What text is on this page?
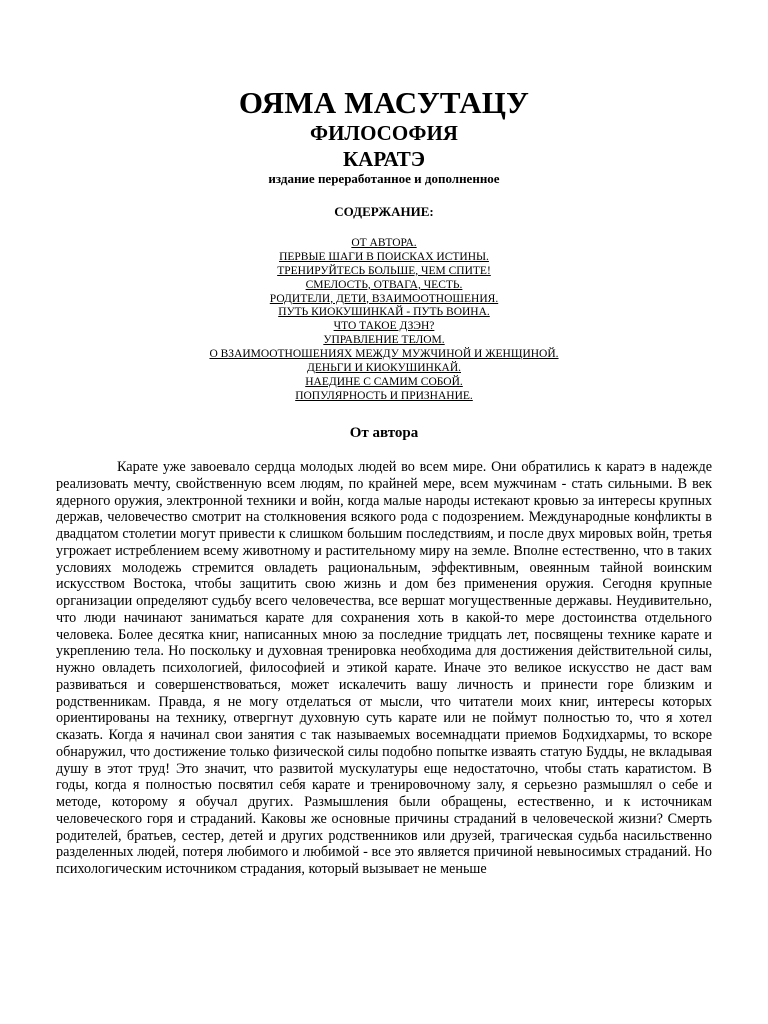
ОЯМА МАСУТАЦУ
ФИЛОСОФИЯ
КАРАТЭ
издание переработанное и дополненное
СОДЕРЖАНИЕ:
ОТ АВТОРА.
ПЕРВЫЕ ШАГИ В ПОИСКАХ ИСТИНЫ.
ТРЕНИРУЙТЕСЬ БОЛЬШЕ, ЧЕМ СПИТЕ!
СМЕЛОСТЬ, ОТВАГА, ЧЕСТЬ.
РОДИТЕЛИ, ДЕТИ, ВЗАИМООТНОШЕНИЯ.
ПУТЬ КИОКУШИНКАЙ - ПУТЬ ВОИНА.
ЧТО ТАКОЕ ДЗЭН?
УПРАВЛЕНИЕ ТЕЛОМ.
О ВЗАИМООТНОШЕНИЯХ МЕЖДУ МУЖЧИНОЙ И ЖЕНЩИНОЙ.
ДЕНЬГИ И КИОКУШИНКАЙ.
НАЕДИНЕ С САМИМ СОБОЙ.
ПОПУЛЯРНОСТЬ И ПРИЗНАНИЕ.
От автора

Карате уже завоевало сердца молодых людей во всем мире. Они обратились к каратэ в надежде реализовать мечту, свойственную всем людям, по крайней мере, всем мужчинам - стать сильными. В век ядерного оружия, электронной техники и войн, когда малые народы истекают кровью за интересы крупных держав, человечество смотрит на столкновения всякого рода с подозрением. Международные конфликты в двадцатом столетии могут привести к слишком большим последствиям, и после двух мировых войн, третья угрожает истреблением всему животному и растительному миру на земле. Вполне естественно, что в таких условиях молодежь стремится овладеть рациональным, эффективным, овеянным тайной воинским искусством Востока, чтобы защитить свою жизнь и дом без применения оружия. Сегодня крупные организации определяют судьбу всего человечества, все вершат могущественные державы. Неудивительно, что люди начинают заниматься карате для сохранения хоть в какой-то мере достоинства отдельного человека. Более десятка книг, написанных мною за последние тридцать лет, посвящены технике карате и укреплению тела. Но поскольку и духовная тренировка необходима для достижения действительной силы, нужно овладеть психологией, философией и этикой карате. Иначе это великое искусство не даст вам развиваться и совершенствоваться, может искалечить вашу личность и принести горе близким и родственникам. Правда, я не могу отделаться от мысли, что читатели моих книг, интересы которых ориентированы на технику, отвергнут духовную суть карате или не поймут полностью то, что я хотел сказать. Когда я начинал свои занятия с так называемых восемнадцати приемов Бодхидхармы, то вскоре обнаружил, что достижение только физической силы подобно попытке изваять статую Будды, не вкладывая душу в этот труд! Это значит, что развитой мускулатуры еще недостаточно, чтобы стать каратистом. В годы, когда я полностью посвятил себя карате и тренировочному залу, я серьезно размышлял о себе и методе, которому я обучал других. Размышления были обращены, естественно, и к источникам человеческого горя и страданий. Каковы же основные причины страданий в человеческой жизни? Смерть родителей, братьев, сестер, детей и других родственников или друзей, трагическая судьба насильственно разделенных людей, потеря любимого и любимой - все это является причиной невыносимых страданий. Но психологическим источником страдания, который вызывает не меньше
